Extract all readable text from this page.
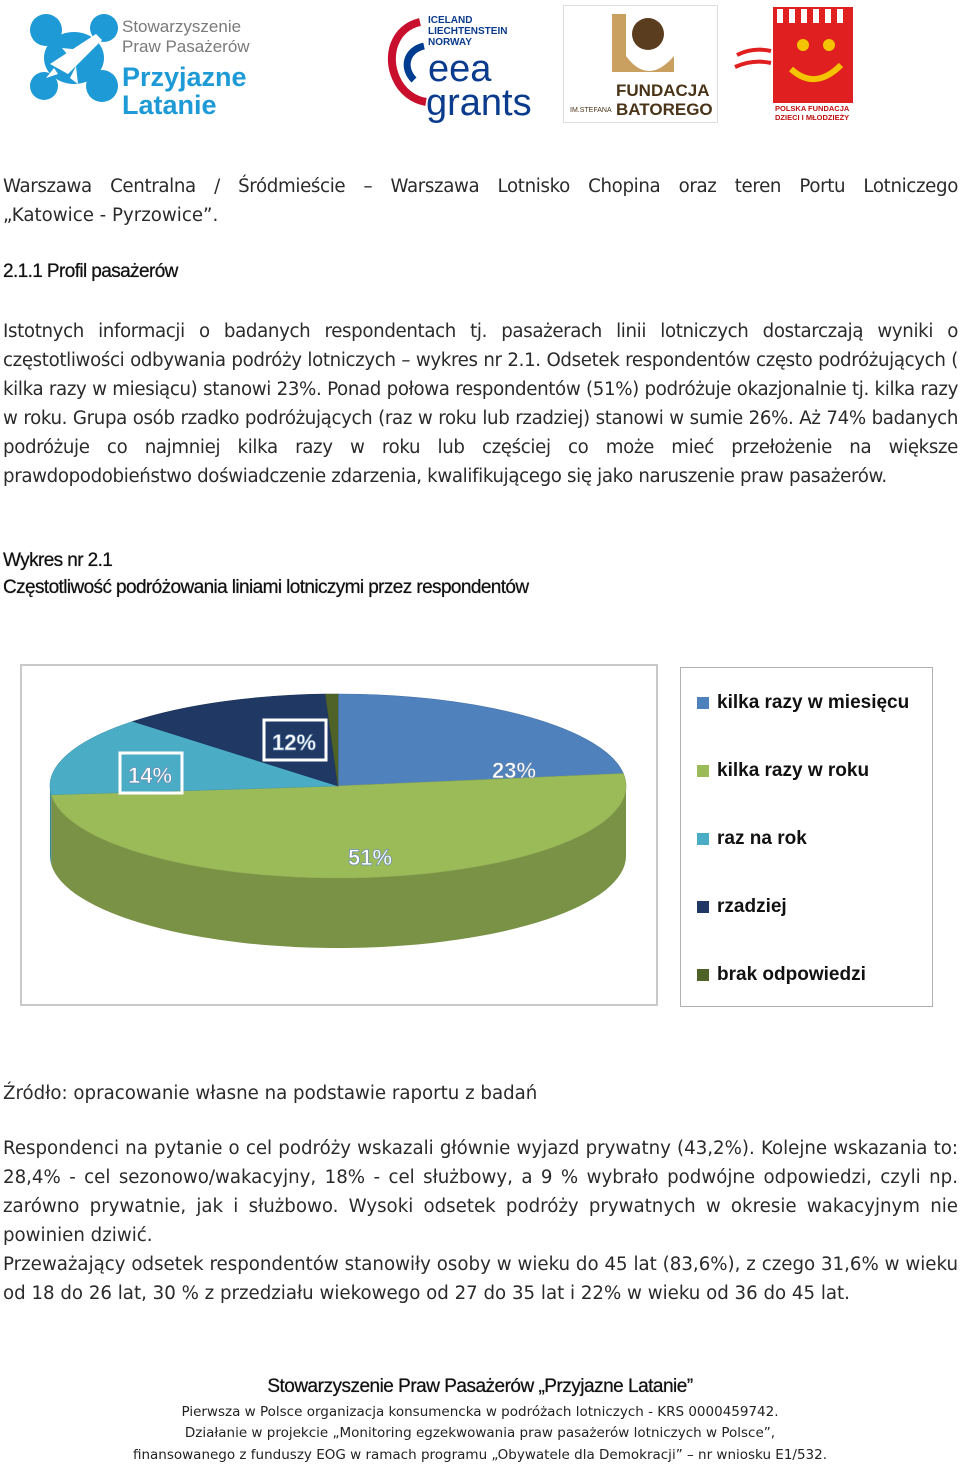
Stowarzyszenie
Praw Pasażerów
Przyjazne
Latanie
ICELAND
LIECHTENSTEIN
NORWAY
eea
grants	FUNDACJA
IM.STEFANA BATOREGO	POLSKA FUNDACJA
DZIECI I MŁODZIEŻY
Warszawa Centralna / Śródmieście – Warszawa Lotnisko Chopina oraz teren Portu Lotniczego
„Katowice - Pyrzowice”.
2.1.1 Profil pasażerów
Istotnych informacji o badanych respondentach tj. pasażerach linii lotniczych dostarczają wyniki o częstotliwości odbywania podróży lotniczych – wykres nr 2.1. Odsetek respondentów często podróżujących ( kilka razy w miesiącu) stanowi 23%. Ponad połowa respondentów (51%) podróżuje okazjonalnie tj. kilka razy w roku. Grupa osób rzadko podróżujących (raz w roku lub rzadziej) stanowi w sumie 26%. Aż 74% badanych podróżuje co najmniej kilka razy w roku lub częściej co może mieć przełożenie na większe prawdopodobieństwo doświadczenie zdarzenia, kwalifikującego się jako naruszenie praw pasażerów.
Wykres nr 2.1
Częstotliwość podróżowania liniami lotniczymi przez respondentów
23%
51%
14%
12%
kilka razy w miesięcu
kilka razy w roku
raz na rok
rzadziej
brak odpowiedzi
Źródło: opracowanie własne na podstawie raportu z badań
Respondenci na pytanie o cel podróży wskazali głównie wyjazd prywatny (43,2%). Kolejne wskazania to: 28,4% - cel sezonowo/wakacyjny, 18% - cel służbowy, a 9 % wybrało podwójne odpowiedzi, czyli np. zarówno prywatnie, jak i służbowo. Wysoki odsetek podróży prywatnych w okresie wakacyjnym nie powinien dziwić.
Przeważający odsetek respondentów stanowiły osoby w wieku do 45 lat (83,6%), z czego 31,6% w wieku od 18 do 26 lat, 30 % z przedziału wiekowego od 27 do 35 lat i 22% w wieku od 36 do 45 lat.
Stowarzyszenie Praw Pasażerów „Przyjazne Latanie”
Pierwsza w Polsce organizacja konsumencka w podróżach lotniczych - KRS 0000459742.
Działanie w projekcie „Monitoring egzekwowania praw pasażerów lotniczych w Polsce”,
finansowanego z funduszy EOG w ramach programu „Obywatele dla Demokracji” – nr wniosku E1/532.
